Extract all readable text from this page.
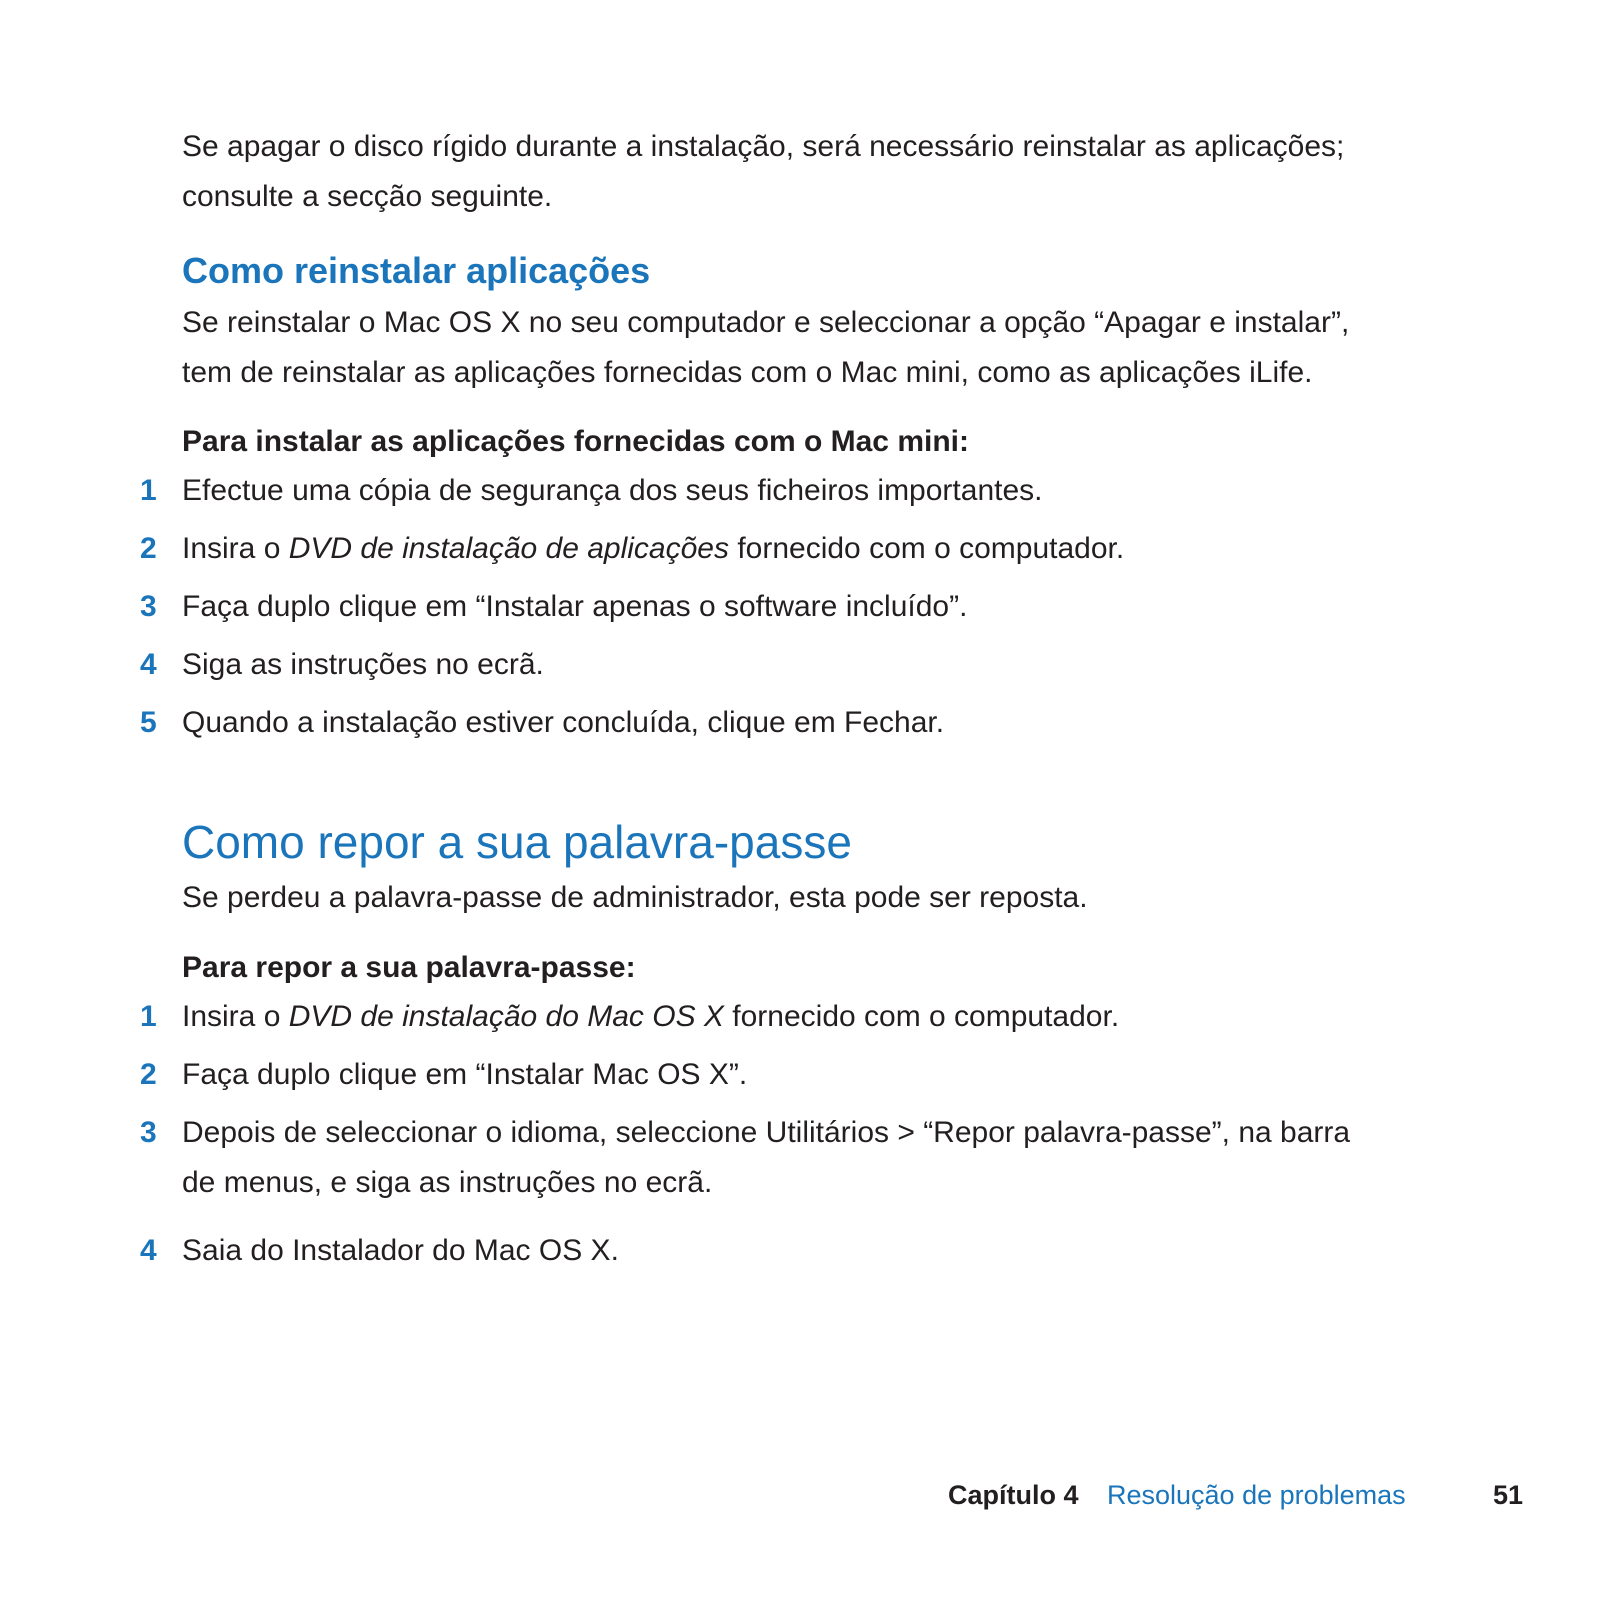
Se apagar o disco rígido durante a instalação, será necessário reinstalar as aplicações;

consulte a secção seguinte.

Como reinstalar aplicações

Se reinstalar o Mac OS X no seu computador e seleccionar a opção “Apagar e instalar”,

tem de reinstalar as aplicações fornecidas com o Mac mini, como as aplicações iLife.

Para instalar as aplicações fornecidas com o Mac mini:

1 Efectue uma cópia de segurança dos seus ficheiros importantes.
2 Insira o DVD de instalação de aplicações fornecido com o computador.
3 Faça duplo clique em “Instalar apenas o software incluído”.
4 Siga as instruções no ecrã.
5 Quando a instalação estiver concluída, clique em Fechar.
Como repor a sua palavra-passe

Se perdeu a palavra-passe de administrador, esta pode ser reposta.

Para repor a sua palavra-passe:

1 Insira o DVD de instalação do Mac OS X fornecido com o computador.
2 Faça duplo clique em “Instalar Mac OS X”.
3 Depois de seleccionar o idioma, seleccione Utilitários > “Repor palavra-passe”, na barra
de menus, e siga as instruções no ecrã.
4 Saia do Instalador do Mac OS X.
Capítulo 4 Resolução de problemas	51
